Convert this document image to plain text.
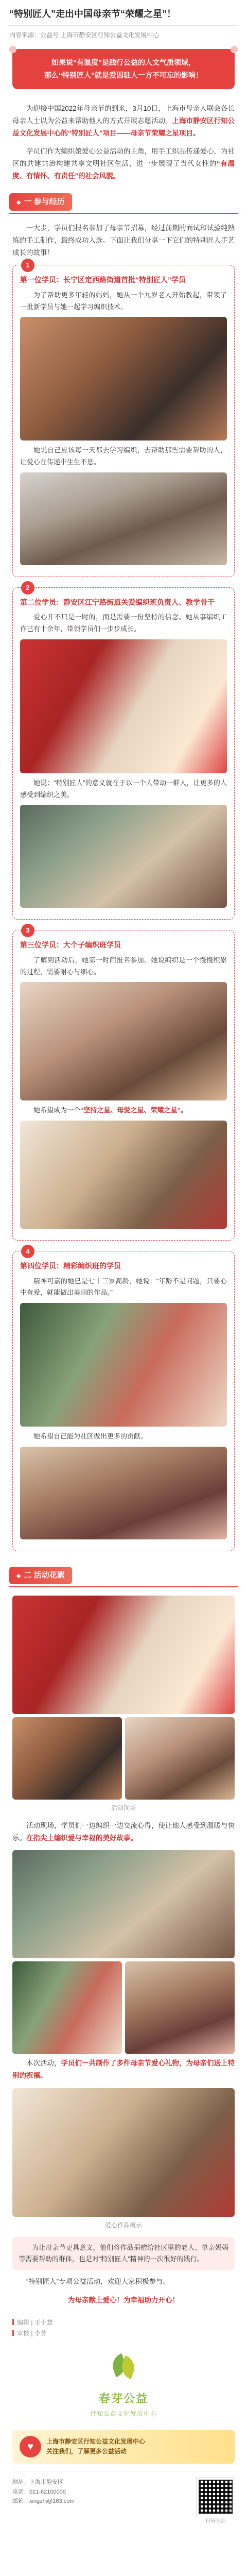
“特别匠人”走出中国母亲节“荣耀之星”！
内容来源：公益号 上海市静安区行知公益文化发展中心
如果说“有温度”是践行公益的人文气质领域，
那么“特别匠人”就是爱因驻人一方不可忘的影响！

为迎接中国2022年母亲节的到来，3月10日，上海市母亲人联会各长母亲人士以为公益来帮助他人的方式开展志愿活动。上海市静安区行知公益文化发展中心的“特别匠人”项目——母亲节荣耀之星项目。

学员们作为编织娘爱心公益活动的主角，用手工织品传递爱心，为社区的共建共治构建共享文明社区生活，进一步展现了当代女性的“有温度、有情怀、有责任”的社会风貌。

◆ 一 参与经历

一大步，学员们报名参加了母亲节招募，经过前期的面试和试验纯熟练的手工制作，最终成功入选。下面让我们分享一下它们的特别匠人手艺成长的故事！

1
第一位学员：长宁区定西路街道首批“特别匠人”学员

为了帮助更多年轻的妈妈，她从一个九岁老人开始教起，带领了一批新学员与她一起学习编织技术。

她说自己应该每一天都去学习编织，去帮助那些需要帮助的人，让爱心在传递中生生不息。

2
第二位学员：静安区江宁路街道关爱编织班负责人、教学骨干

爱心并不只是一时的，而是需要一份坚持的信念。她从事编织工作已有十余年，带领学员们一步步成长。

她说：“特别匠人”的意义就在于以一个人带动一群人，让更多的人感受到编织之美。

3
第三位学员：大个子编织班学员

了解到活动后，她第一时间报名参加。她说编织是一个慢慢积累的过程，需要耐心与细心。

她希望成为一个“坚持之星、母爱之星、荣耀之星”。

4
第四位学员：精彩编织班的学员

精神可嘉的她已是七十三岁高龄，她说：“年龄不是问题，只要心中有爱，就能做出美丽的作品。”

她希望自己能为社区做出更多的贡献。

◆ 二 活动花絮
活动现场

活动现场，学员们一边编织一边交流心得，使让他人感受到温暖与快乐。在指尖上编织爱与幸福的美好故事。

本次活动，学员们一共制作了多件母亲节爱心礼物，为母亲们送上特别的祝福。

爱心作品展示
为让母亲节更具意义，他们将作品捐赠给社区里的老人、单亲妈妈等需要帮助的群体，也是对“特别匠人”精神的一次很好的践行。

“特别匠人”专项公益活动，欢迎大家积极参与。

为母亲献上爱心！为幸福助力开心！

编辑 | 王小慧
审核 | 李芳
春芽公益
行知公益文化发展中心
♥	上海市静安区行知公益文化发展中心
关注我们，了解更多公益活动
地址：上海市静安区
电话：021-62100000
邮箱：xingzhi@163.com
扫码关注
